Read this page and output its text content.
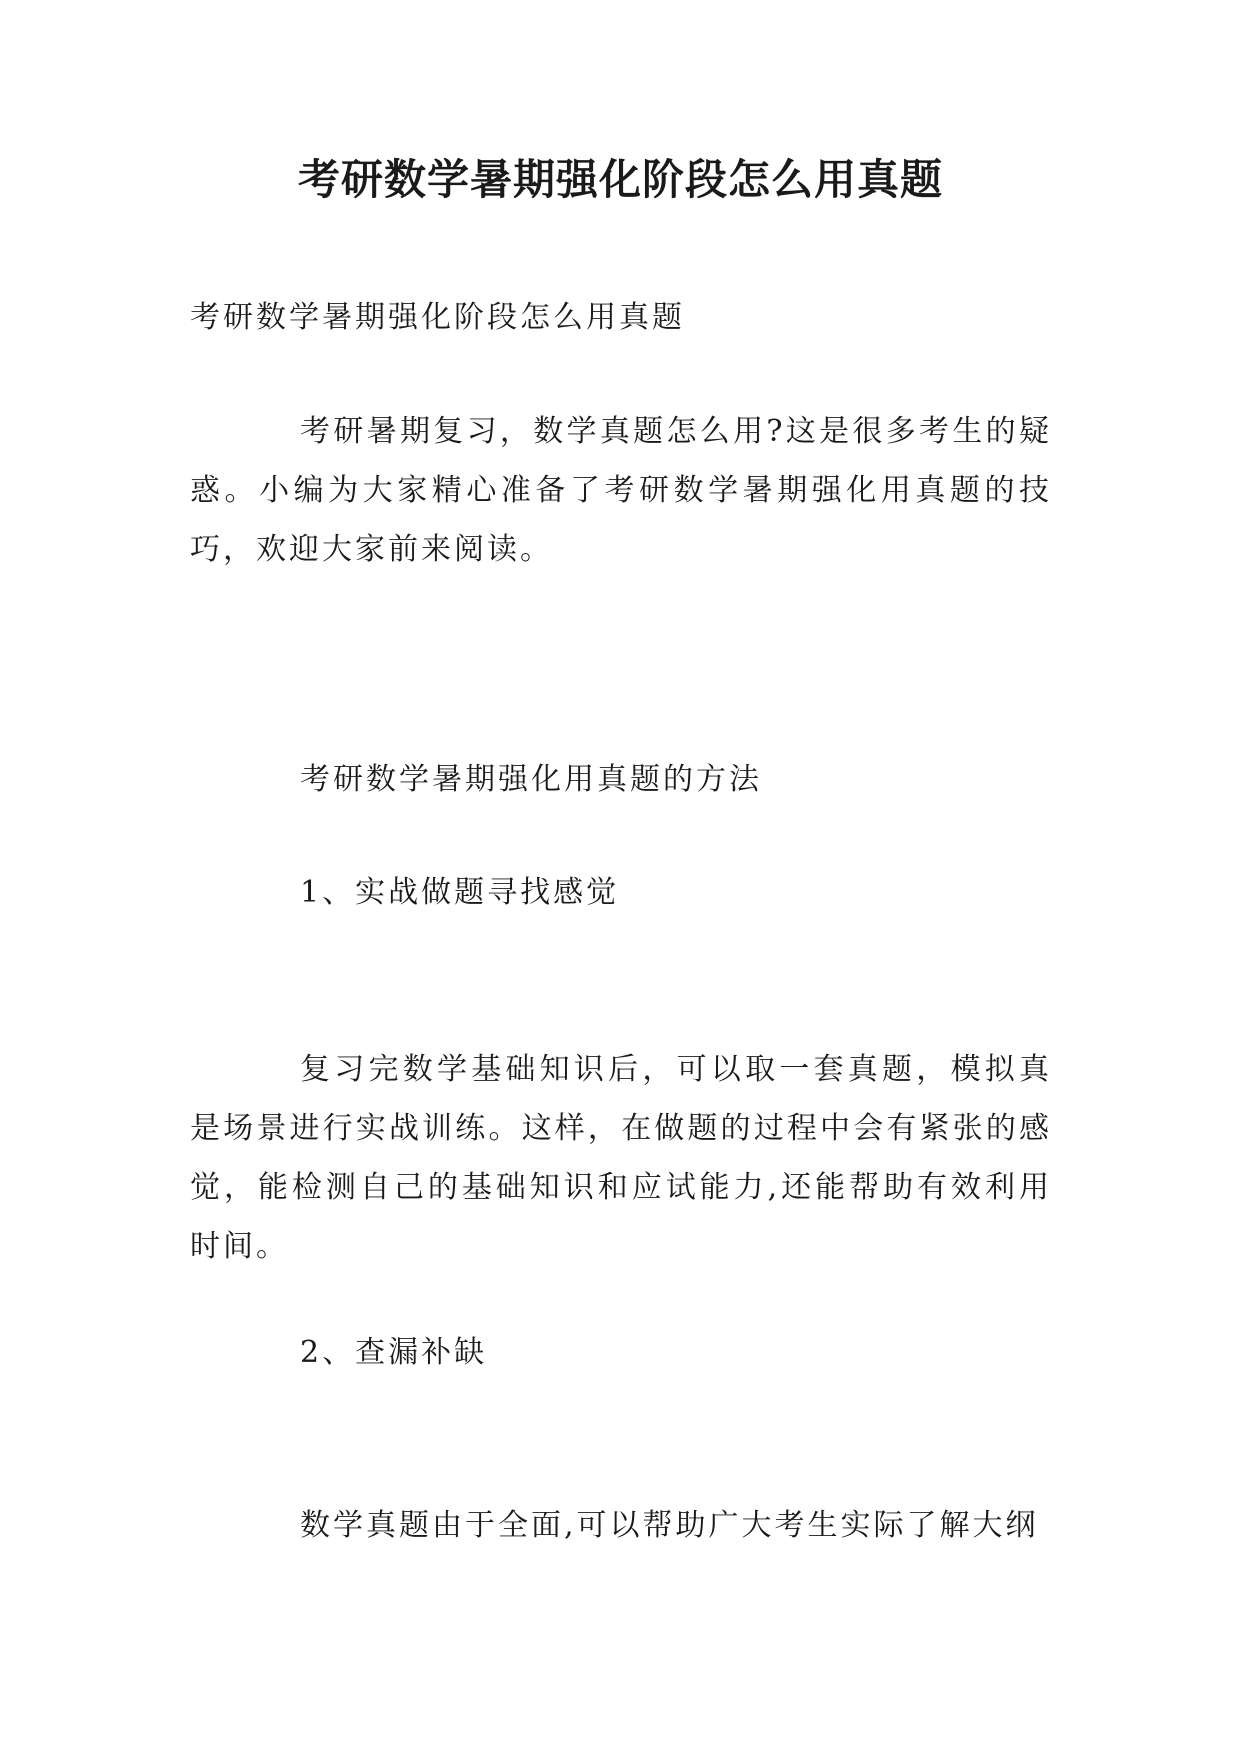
考研数学暑期强化阶段怎么用真题
考研数学暑期强化阶段怎么用真题
考研暑期复习，数学真题怎么用?这是很多考生的疑惑。小编为大家精心准备了考研数学暑期强化用真题的技巧，欢迎大家前来阅读。
考研数学暑期强化用真题的方法
1、实战做题寻找感觉
复习完数学基础知识后，可以取一套真题，模拟真是场景进行实战训练。这样，在做题的过程中会有紧张的感觉，能检测自己的基础知识和应试能力,还能帮助有效利用时间。
2、查漏补缺
数学真题由于全面,可以帮助广大考生实际了解大纲
